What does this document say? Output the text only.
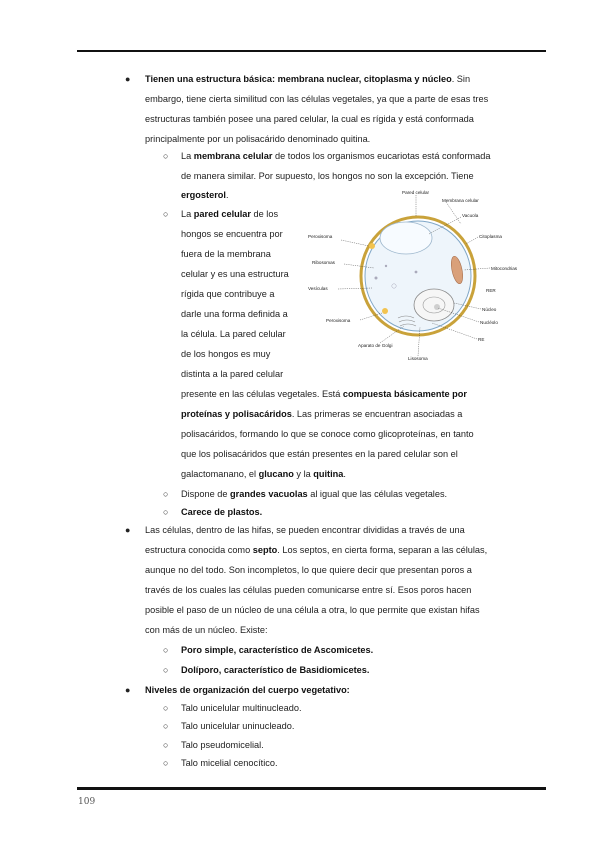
● Tienen una estructura básica: membrana nuclear, citoplasma y núcleo. Sin
embargo, tiene cierta similitud con las células vegetales, ya que a parte de esas tres
estructuras también posee una pared celular, la cual es rígida y está conformada
principalmente por un polisacárido denominado quitina.
○ La membrana celular de todos los organismos eucariotas está conformada
de manera similar. Por supuesto, los hongos no son la excepción. Tiene
ergosterol.
○ La pared celular de los
hongos se encuentra por
fuera de la membrana
celular y es una estructura
rígida que contribuye a
darle una forma definida a
la célula. La pared celular
de los hongos es muy
distinta a la pared celular
presente en las células vegetales. Está compuesta básicamente por
proteínas y polisacáridos. Las primeras se encuentran asociadas a
polisacáridos, formando lo que se conoce como glicoproteínas, en tanto
que los polisacáridos que están presentes en la pared celular son el
galactomanano, el glucano y la quitina.
○ Dispone de grandes vacuolas al igual que las células vegetales.
○ Carece de plastos.
● Las células, dentro de las hifas, se pueden encontrar divididas a través de una
estructura conocida como septo. Los septos, en cierta forma, separan a las células,
aunque no del todo. Son incompletos, lo que quiere decir que presentan poros a
través de los cuales las células pueden comunicarse entre sí. Esos poros hacen
posible el paso de un núcleo de una célula a otra, lo que permite que existan hifas
con más de un núcleo. Existe:
○ Poro simple, característico de Ascomicetes.
○ Dolíporo, característico de Basidiomicetes.
● Niveles de organización del cuerpo vegetativo:
○ Talo unicelular multinucleado.
○ Talo unicelular uninucleado.
○ Talo pseudomicelial.
○ Talo micelial cenocítico.
Pared celular
Membrana celular
Vacuola
Peroxisoma	Citoplasma
Ribosomas
Mitocondrias
Vesículas	RER
Núcleo
Peroxisoma	Nucléolo
RE
Aparato de Golgi
Lisosoma
109
